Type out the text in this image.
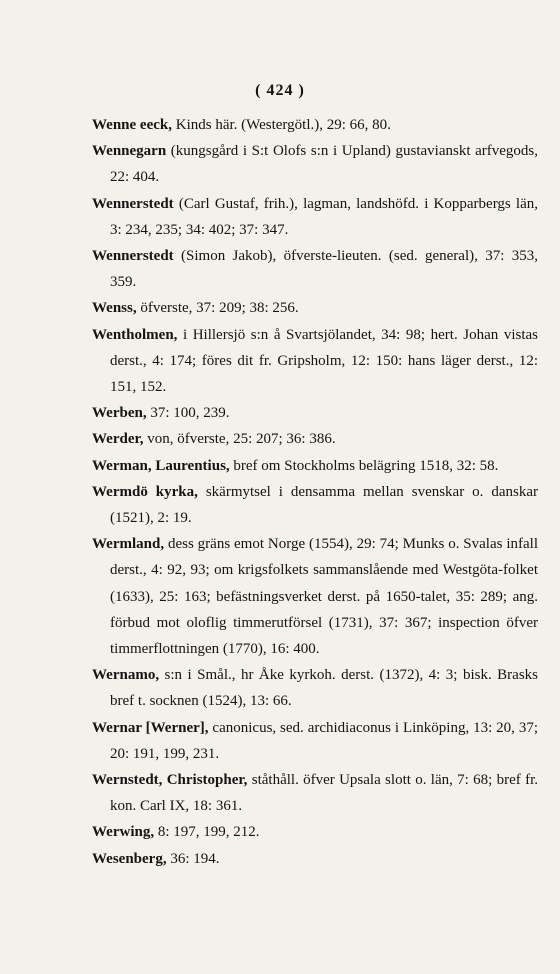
( 424 )
Wenne eeck, Kinds här. (Westergötl.), 29: 66, 80.
Wennegarn (kungsgård i S:t Olofs s:n i Upland) gustavianskt arfvegods, 22: 404.
Wennerstedt (Carl Gustaf, frih.), lagman, landshöfd. i Kopparbergs län, 3: 234, 235; 34: 402; 37: 347.
Wennerstedt (Simon Jakob), öfverste-lieuten. (sed. general), 37: 353, 359.
Wenss, öfverste, 37: 209; 38: 256.
Wentholmen, i Hillersjö s:n å Svartsjölandet, 34: 98; hert. Johan vistas derst., 4: 174; föres dit fr. Gripsholm, 12: 150: hans läger derst., 12: 151, 152.
Werben, 37: 100, 239.
Werder, von, öfverste, 25: 207; 36: 386.
Werman, Laurentius, bref om Stockholms belägring 1518, 32: 58.
Wermdö kyrka, skärmytsel i densamma mellan svenskar o. danskar (1521), 2: 19.
Wermland, dess gräns emot Norge (1554), 29: 74; Munks o. Svalas infall derst., 4: 92, 93; om krigsfolkets sammanslående med Westgöta-folket (1633), 25: 163; befästningsverket derst. på 1650-talet, 35: 289; ang. förbud mot oloflig timmerutförsel (1731), 37: 367; inspection öfver timmerflottningen (1770), 16: 400.
Wernamo, s:n i Smål., hr Åke kyrkoh. derst. (1372), 4: 3; bisk. Brasks bref t. socknen (1524), 13: 66.
Wernar [Werner], canonicus, sed. archidiaconus i Linköping, 13: 20, 37; 20: 191, 199, 231.
Wernstedt, Christopher, ståthåll. öfver Upsala slott o. län, 7: 68; bref fr. kon. Carl IX, 18: 361.
Werwing, 8: 197, 199, 212.
Wesenberg, 36: 194.
